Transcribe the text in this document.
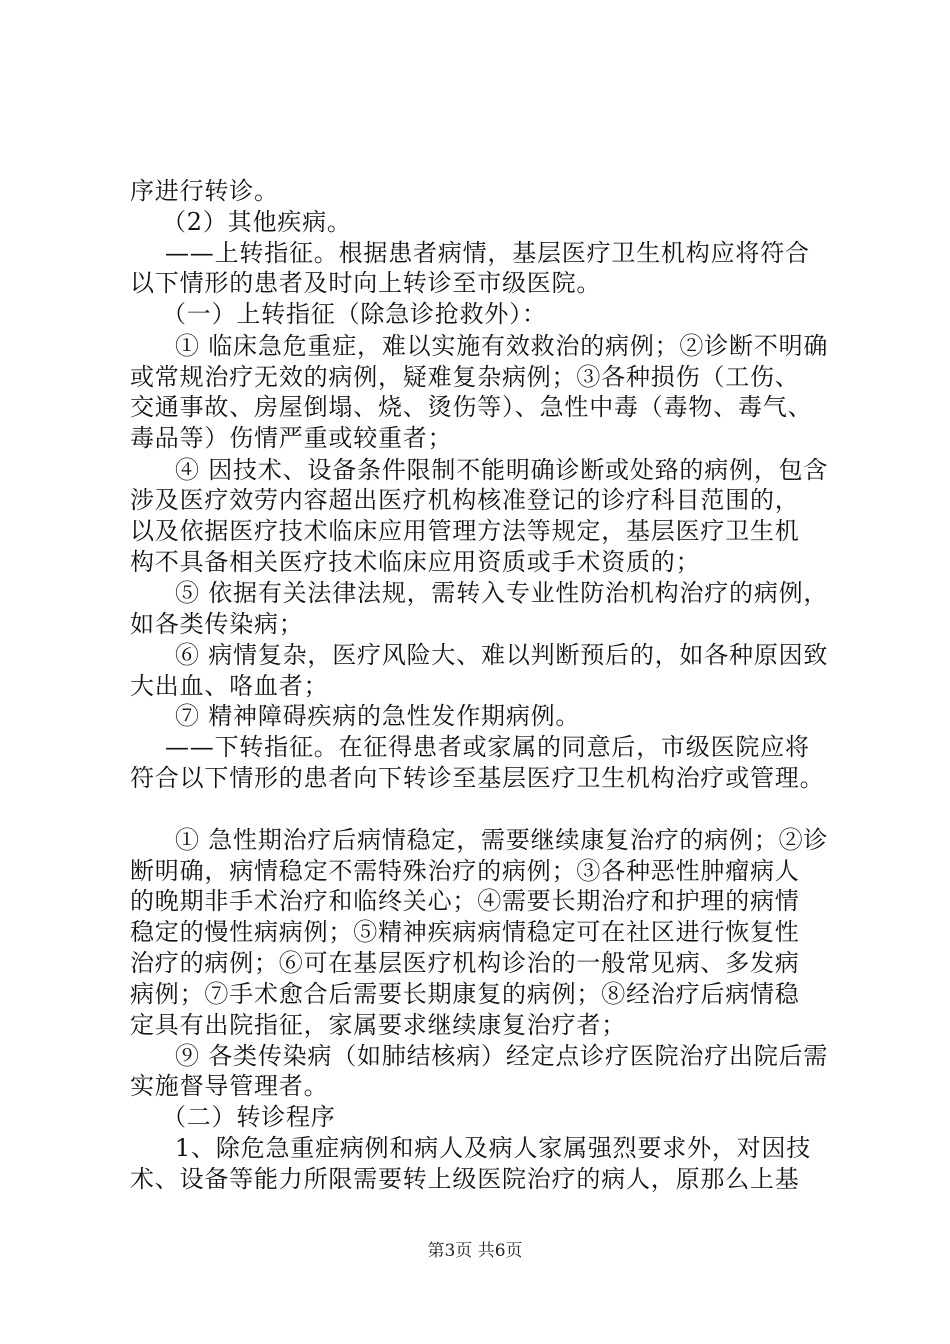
序进行转诊。
（2）其他疾病。
——上转指征。根据患者病情，基层医疗卫生机构应将符合
以下情形的患者及时向上转诊至市级医院。
（一）上转指征（除急诊抢救外）：
① 临床急危重症，难以实施有效救治的病例；②诊断不明确
或常规治疗无效的病例，疑难复杂病例；③各种损伤（工伤、
交通事故、房屋倒塌、烧、烫伤等）、急性中毒（毒物、毒气、
毒品等）伤情严重或较重者；
④ 因技术、设备条件限制不能明确诊断或处臵的病例，包含
涉及医疗效劳内容超出医疗机构核准登记的诊疗科目范围的，
以及依据医疗技术临床应用管理方法等规定，基层医疗卫生机
构不具备相关医疗技术临床应用资质或手术资质的；
⑤ 依据有关法律法规，需转入专业性防治机构治疗的病例，
如各类传染病；
⑥ 病情复杂，医疗风险大、难以判断预后的，如各种原因致
大出血、咯血者；
⑦ 精神障碍疾病的急性发作期病例。
——下转指征。在征得患者或家属的同意后，市级医院应将
符合以下情形的患者向下转诊至基层医疗卫生机构治疗或管理。
① 急性期治疗后病情稳定，需要继续康复治疗的病例；②诊
断明确，病情稳定不需特殊治疗的病例；③各种恶性肿瘤病人
的晚期非手术治疗和临终关心；④需要长期治疗和护理的病情
稳定的慢性病病例；⑤精神疾病病情稳定可在社区进行恢复性
治疗的病例；⑥可在基层医疗机构诊治的一般常见病、多发病
病例；⑦手术愈合后需要长期康复的病例；⑧经治疗后病情稳
定具有出院指征，家属要求继续康复治疗者；
⑨ 各类传染病（如肺结核病）经定点诊疗医院治疗出院后需
实施督导管理者。
（二）转诊程序
1、除危急重症病例和病人及病人家属强烈要求外，对因技
术、设备等能力所限需要转上级医院治疗的病人，原那么上基
第3页 共6页
